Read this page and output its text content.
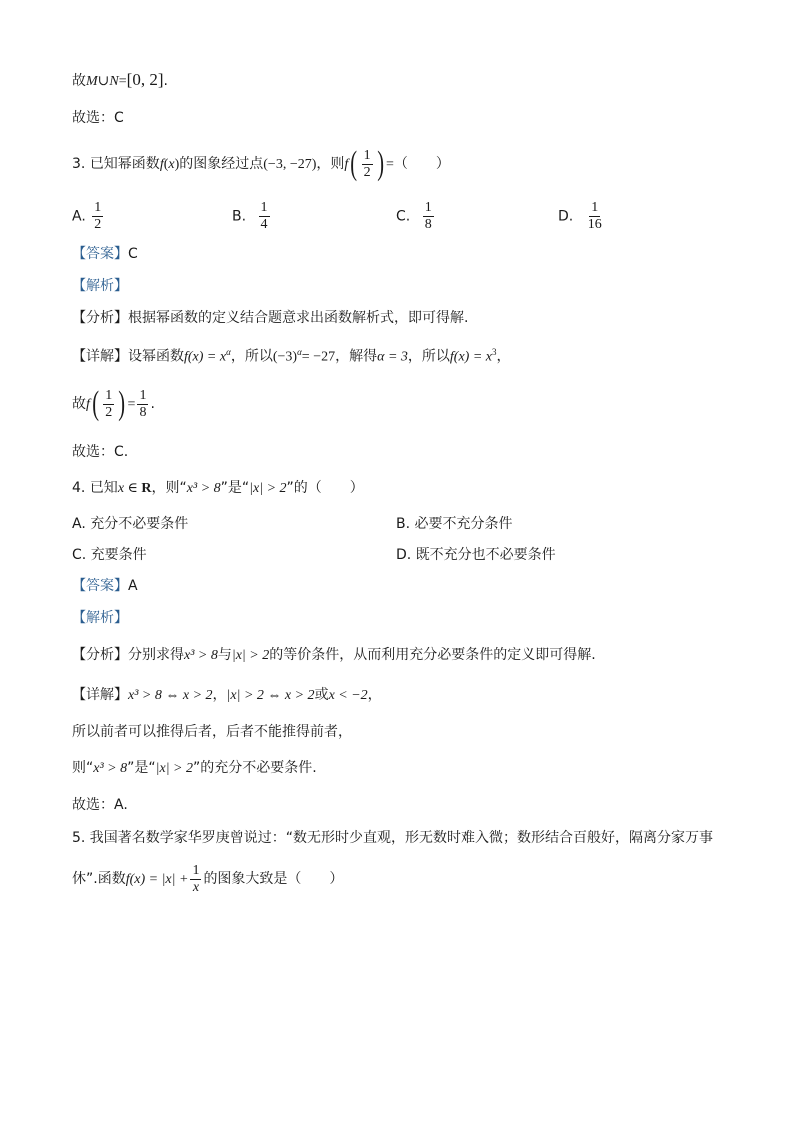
故M∪N=[0, 2].
故选：C
3. 已知幂函数f(x)的图象经过点(−3, −27)，则$f( \frac{1}{2}$ ) =（　　）
A. $\frac{1}{2}$	B. $\frac{1}{4}$	C. $\frac{1}{8}$	D. $\frac{1}{16}$
【答案】C
【解析】
【分析】根据幂函数的定义结合题意求出函数解析式，即可得解.
【详解】设幂函数$f(x) = x^\alpha$，所以$(-3)^\alpha= -27$，解得α = 3，所以$f(x) = x^3$，
故$f( \frac{1}{2}$ ) = $\frac{1}{8}$ .
故选：C.
4. 已知x ∈ R，则“x³ > 8”是“|x| > 2”的（　　）
A. 充分不必要条件	B. 必要不充分条件
C. 充要条件	D. 既不充分也不必要条件
【答案】A
【解析】
【分析】分别求得x³ > 8与|x| > 2的等价条件，从而利用充分必要条件的定义即可得解.
【详解】x³ > 8 ⇔ x > 2，|x| > 2 ⇔ x > 2或x < −2，
所以前者可以推得后者，后者不能推得前者，
则“x³ > 8”是“|x| > 2”的充分不必要条件.
故选：A.
5. 我国著名数学家华罗庚曾说过：“数无形时少直观，形无数时难入微；数形结合百般好，隔离分家万事
休”.函数$f(x) = |x| + \frac{1}{x}$ 的图象大致是（　　）
